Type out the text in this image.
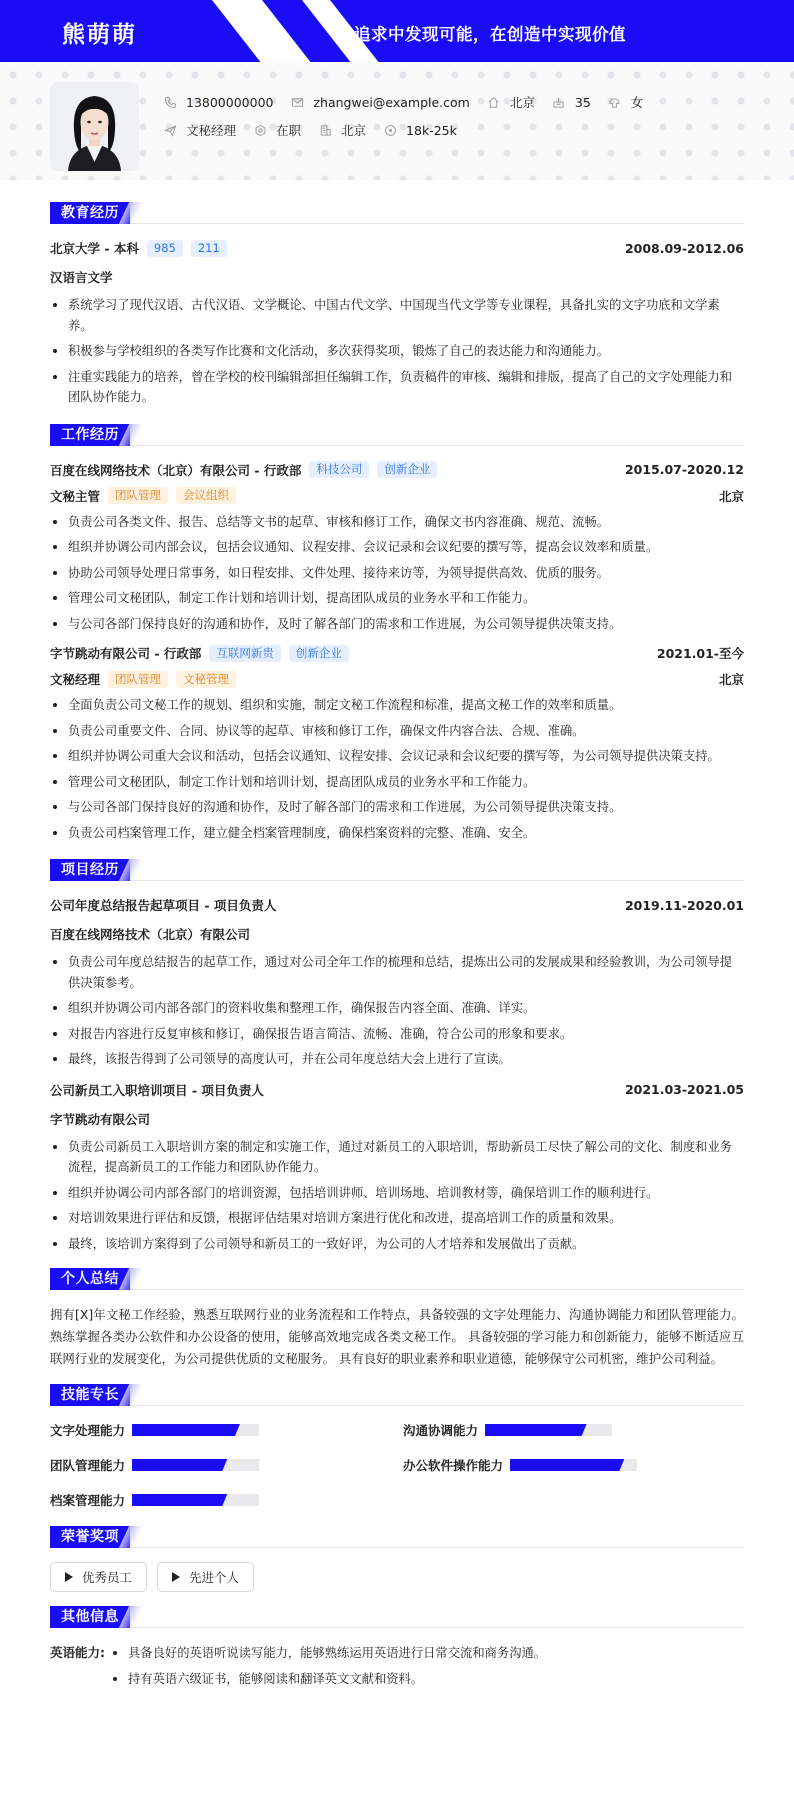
熊萌萌	在追求中发现可能，在创造中实现价值
13800000000	zhangwei@example.com	北京	35	女
文秘经理	在职	北京	18k-25k
教育经历
北京大学 - 本科	985	211	2008.09-2012.06
汉语言文学
系统学习了现代汉语、古代汉语、文学概论、中国古代文学、中国现当代文学等专业课程，具备扎实的文字功底和文学素养。
积极参与学校组织的各类写作比赛和文化活动，多次获得奖项，锻炼了自己的表达能力和沟通能力。
注重实践能力的培养，曾在学校的校刊编辑部担任编辑工作，负责稿件的审核、编辑和排版，提高了自己的文字处理能力和团队协作能力。
工作经历
百度在线网络技术（北京）有限公司 - 行政部	科技公司	创新企业	2015.07-2020.12
文秘主管	团队管理	会议组织	北京
负责公司各类文件、报告、总结等文书的起草、审核和修订工作，确保文书内容准确、规范、流畅。
组织并协调公司内部会议，包括会议通知、议程安排、会议记录和会议纪要的撰写等，提高会议效率和质量。
协助公司领导处理日常事务，如日程安排、文件处理、接待来访等，为领导提供高效、优质的服务。
管理公司文秘团队，制定工作计划和培训计划，提高团队成员的业务水平和工作能力。
与公司各部门保持良好的沟通和协作，及时了解各部门的需求和工作进展，为公司领导提供决策支持。
字节跳动有限公司 - 行政部	互联网新贵	创新企业	2021.01-至今
文秘经理	团队管理	文秘管理	北京
全面负责公司文秘工作的规划、组织和实施，制定文秘工作流程和标准，提高文秘工作的效率和质量。
负责公司重要文件、合同、协议等的起草、审核和修订工作，确保文件内容合法、合规、准确。
组织并协调公司重大会议和活动，包括会议通知、议程安排、会议记录和会议纪要的撰写等，为公司领导提供决策支持。
管理公司文秘团队，制定工作计划和培训计划，提高团队成员的业务水平和工作能力。
与公司各部门保持良好的沟通和协作，及时了解各部门的需求和工作进展，为公司领导提供决策支持。
负责公司档案管理工作，建立健全档案管理制度，确保档案资料的完整、准确、安全。
项目经历
公司年度总结报告起草项目 - 项目负责人	2019.11-2020.01
百度在线网络技术（北京）有限公司
负责公司年度总结报告的起草工作，通过对公司全年工作的梳理和总结，提炼出公司的发展成果和经验教训，为公司领导提供决策参考。
组织并协调公司内部各部门的资料收集和整理工作，确保报告内容全面、准确、详实。
对报告内容进行反复审核和修订，确保报告语言简洁、流畅、准确，符合公司的形象和要求。
最终，该报告得到了公司领导的高度认可，并在公司年度总结大会上进行了宣读。
公司新员工入职培训项目 - 项目负责人	2021.03-2021.05
字节跳动有限公司
负责公司新员工入职培训方案的制定和实施工作，通过对新员工的入职培训，帮助新员工尽快了解公司的文化、制度和业务流程，提高新员工的工作能力和团队协作能力。
组织并协调公司内部各部门的培训资源，包括培训讲师、培训场地、培训教材等，确保培训工作的顺利进行。
对培训效果进行评估和反馈，根据评估结果对培训方案进行优化和改进，提高培训工作的质量和效果。
最终，该培训方案得到了公司领导和新员工的一致好评，为公司的人才培养和发展做出了贡献。
个人总结

拥有[X]年文秘工作经验，熟悉互联网行业的业务流程和工作特点，具备较强的文字处理能力、沟通协调能力和团队管理能力。 熟练掌握各类办公软件和办公设备的使用，能够高效地完成各类文秘工作。 具备较强的学习能力和创新能力，能够不断适应互联网行业的发展变化，为公司提供优质的文秘服务。 具有良好的职业素养和职业道德，能够保守公司机密，维护公司利益。

技能专长
文字处理能力	沟通协调能力
团队管理能力	办公软件操作能力
档案管理能力
荣誉奖项
优秀员工	先进个人
其他信息
英语能力:	具备良好的英语听说读写能力，能够熟练运用英语进行日常交流和商务沟通。
持有英语六级证书，能够阅读和翻译英文文献和资料。
